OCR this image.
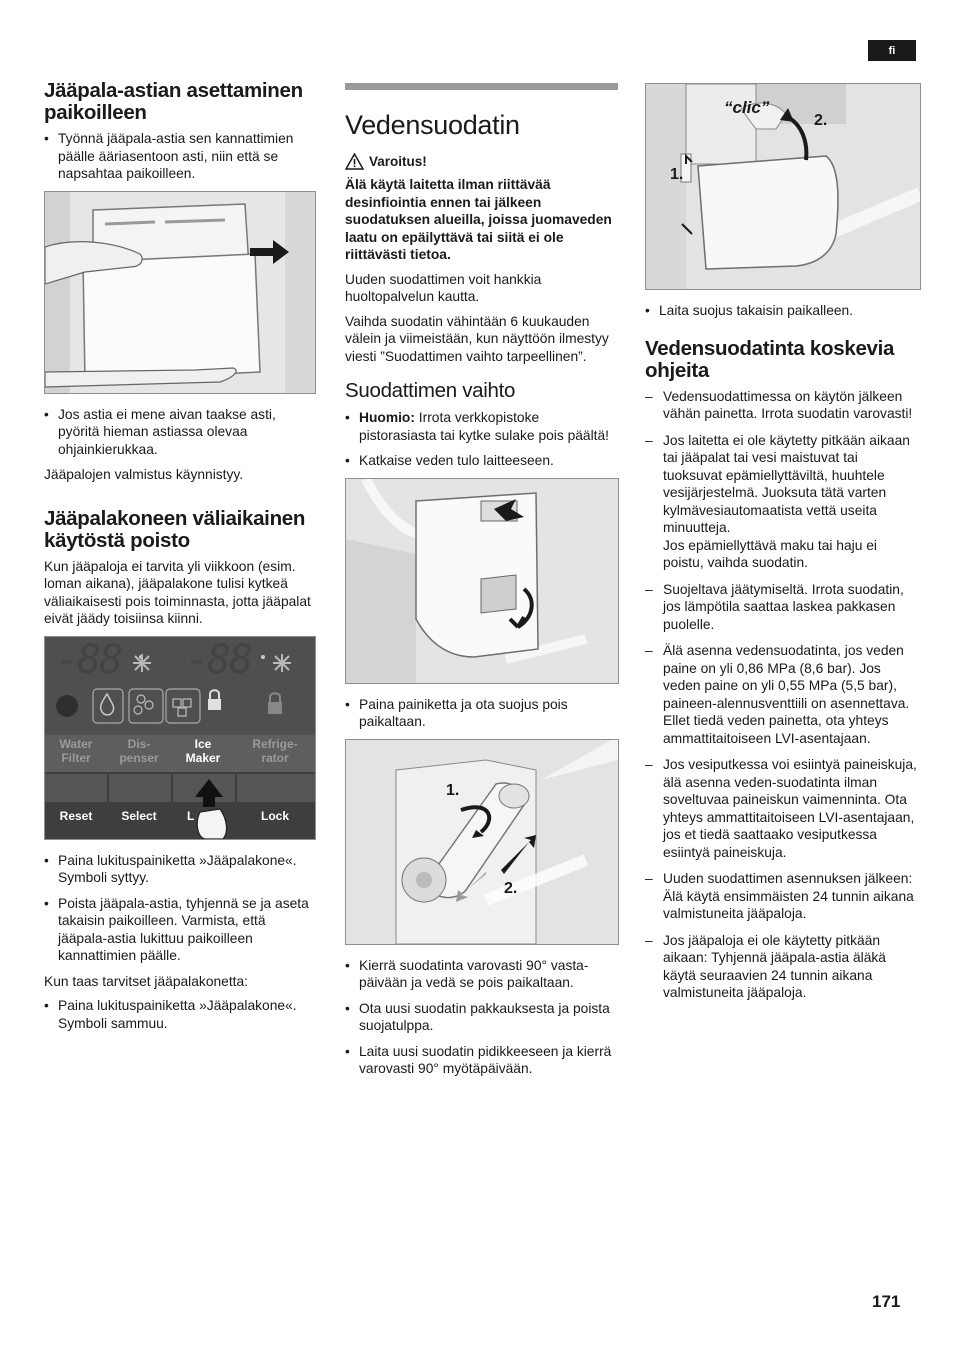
fi
Jääpala-astian asettaminen paikoilleen
• Työnnä jääpala-astia sen kannattimien päälle ääriasentoon asti, niin että se napsahtaa paikoilleen.
• Jos astia ei mene aivan taakse asti, pyöritä hieman astiassa olevaa ohjainkierukkaa.

Jääpalojen valmistus käynnistyy.

Jääpalakoneen väliaikainen käytöstä poisto

Kun jääpaloja ei tarvita yli viikkoon (esim. loman aikana), jääpalakone tulisi kytkeä väliaikaisesti pois toiminnasta, jotta jääpalat eivät jäädy toisiinsa kiinni.

-88 -88
Water
Filter
Dis-
penser
Ice
Maker
Refrige-
rator
Reset	Select	L	Lock
• Paina lukituspainiketta »Jääpalakone«. Symboli syttyy.
• Poista jääpala-astia, tyhjennä se ja aseta takaisin paikoilleen. Varmista, että jääpala-astia lukittuu paikoilleen kannattimien päälle.

Kun taas tarvitset jääpalakonetta:

• Paina lukituspainiketta »Jääpalakone«. Symboli sammuu.
Vedensuodatin
Varoitus!

Älä käytä laitetta ilman riittävää desinfiointia ennen tai jälkeen suodatuksen alueilla, joissa juomaveden laatu on epäilyttävä tai siitä ei ole riittävästi tietoa.

Uuden suodattimen voit hankkia huoltopalvelun kautta.

Vaihda suodatin vähintään 6 kuukauden välein ja viimeistään, kun näyttöön ilmestyy viesti ”Suodattimen vaihto tarpeellinen”.

Suodattimen vaihto
• Huomio: Irrota verkkopistoke pistorasiasta tai kytke sulake pois päältä!
• Katkaise veden tulo laitteeseen.
• Paina painiketta ja ota suojus pois paikaltaan.
1.
2.
• Kierrä suodatinta varovasti 90° vasta-päivään ja vedä se pois paikaltaan.
• Ota uusi suodatin pakkauksesta ja poista suojatulppa.
• Laita uusi suodatin pidikkeeseen ja kierrä varovasti 90° myötäpäivään.
“clic”
2.
1.
• Laita suojus takaisin paikalleen.
Vedensuodatinta koskevia ohjeita
– Vedensuodattimessa on käytön jälkeen vähän painetta. Irrota suodatin varovasti!
– Jos laitetta ei ole käytetty pitkään aikaan tai jääpalat tai vesi maistuvat tai tuoksuvat epämiellyttäviltä, huuhtele vesijärjestelmä. Juoksuta tätä varten kylmävesiautomaatista vettä useita minuutteja.
Jos epämiellyttävä maku tai haju ei poistu, vaihda suodatin.
– Suojeltava jäätymiseltä. Irrota suodatin, jos lämpötila saattaa laskea pakkasen puolelle.
– Älä asenna vedensuodatinta, jos veden paine on yli 0,86 MPa (8,6 bar). Jos veden paine on yli 0,55 MPa (5,5 bar), paineen-alennusventtiili on asennettava. Ellet tiedä veden painetta, ota yhteys ammattitaitoiseen LVI-asentajaan.
– Jos vesiputkessa voi esiintyä paineiskuja, älä asenna veden-suodatinta ilman soveltuvaa paineiskun vaimenninta. Ota yhteys ammattitaitoiseen LVI-asentajaan, jos et tiedä saattaako vesiputkessa esiintyä paineiskuja.
– Uuden suodattimen asennuksen jälkeen: Älä käytä ensimmäisten 24 tunnin aikana valmistuneita jääpaloja.
– Jos jääpaloja ei ole käytetty pitkään aikaan: Tyhjennä jääpala-astia äläkä käytä seuraavien 24 tunnin aikana valmistuneita jääpaloja.
171
